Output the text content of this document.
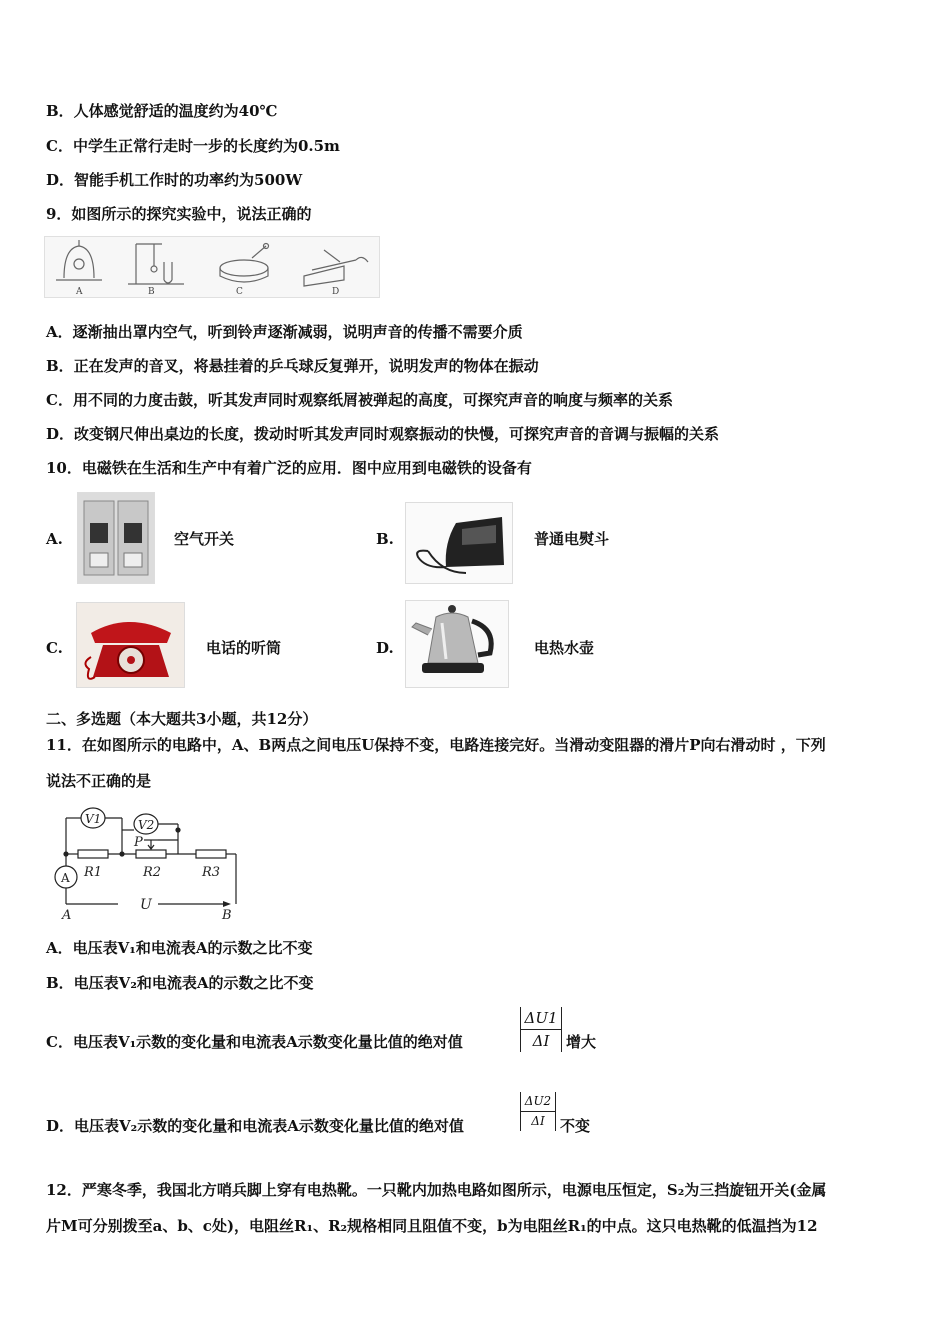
B．人体感觉舒适的温度约为40℃
C．中学生正常行走时一步的长度约为0.5m
D．智能手机工作时的功率约为500W
9．如图所示的探究实验中，说法正确的
A	B	C	D
A．逐渐抽出罩内空气，听到铃声逐渐减弱，说明声音的传播不需要介质
B．正在发声的音叉，将悬挂着的乒乓球反复弹开，说明发声的物体在振动
C．用不同的力度击鼓，听其发声同时观察纸屑被弹起的高度，可探究声音的响度与频率的关系
D．改变钢尺伸出桌边的长度，拨动时听其发声同时观察振动的快慢，可探究声音的音调与振幅的关系
10．电磁铁在生活和生产中有着广泛的应用．图中应用到电磁铁的设备有
A.	空气开关	B.	普通电熨斗
C.	电话的听筒	D.	电热水壶
二、多选题（本大题共3小题，共12分）
11．在如图所示的电路中，A、B两点之间电压U保持不变，电路连接完好。当滑动变阻器的滑片P向右滑动时 ，下列
说法不正确的是
V1	V2
A
P
R1	R2	R3
U
A	B
A．电压表V₁和电流表A的示数之比不变
B．电压表V₂和电流表A的示数之比不变
C．电压表V₁示数的变化量和电流表A示数变化量比值的绝对值	$\frac{\Delta U1}{\Delta I}$ 增大
D．电压表V₂示数的变化量和电流表A示数变化量比值的绝对值	$\frac{\Delta U2}{\Delta I}$ 不变
12．严寒冬季，我国北方哨兵脚上穿有电热靴。一只靴内加热电路如图所示，电源电压恒定，S₂为三挡旋钮开关(金属
片M可分别拨至a、b、c处)，电阻丝R₁、R₂规格相同且阻值不变，b为电阻丝R₁的中点。这只电热靴的低温挡为12
